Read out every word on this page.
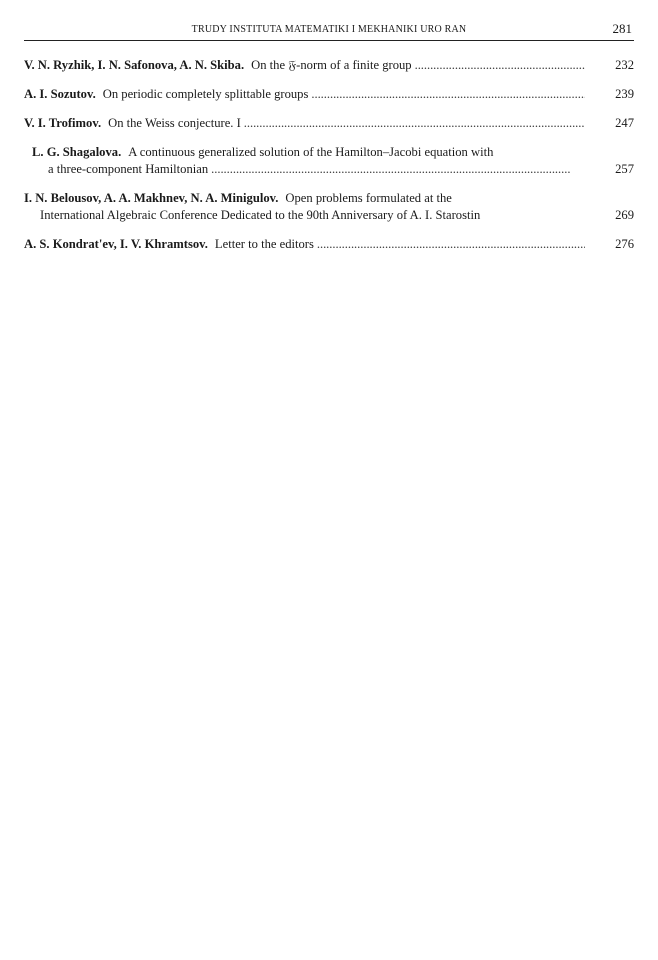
TRUDY INSTITUTA MATEMATIKI I MEKHANIKI URO RAN	281
V. N. Ryzhik, I. N. Safonova, A. N. Skiba. On the 𝔉-norm of a finite group . . .	232
A. I. Sozutov. On periodic completely splittable groups . . .	239
V. I. Trofimov. On the Weiss conjecture. I . . .	247
L. G. Shagalova. A continuous generalized solution of the Hamilton–Jacobi equation with
a three-component Hamiltonian . . .	257
I. N. Belousov, A. A. Makhnev, N. A. Minigulov. Open problems formulated at the
International Algebraic Conference Dedicated to the 90th Anniversary of A. I. Starostin	269
A. S. Kondrat'ev, I. V. Khramtsov. Letter to the editors . . .	276
